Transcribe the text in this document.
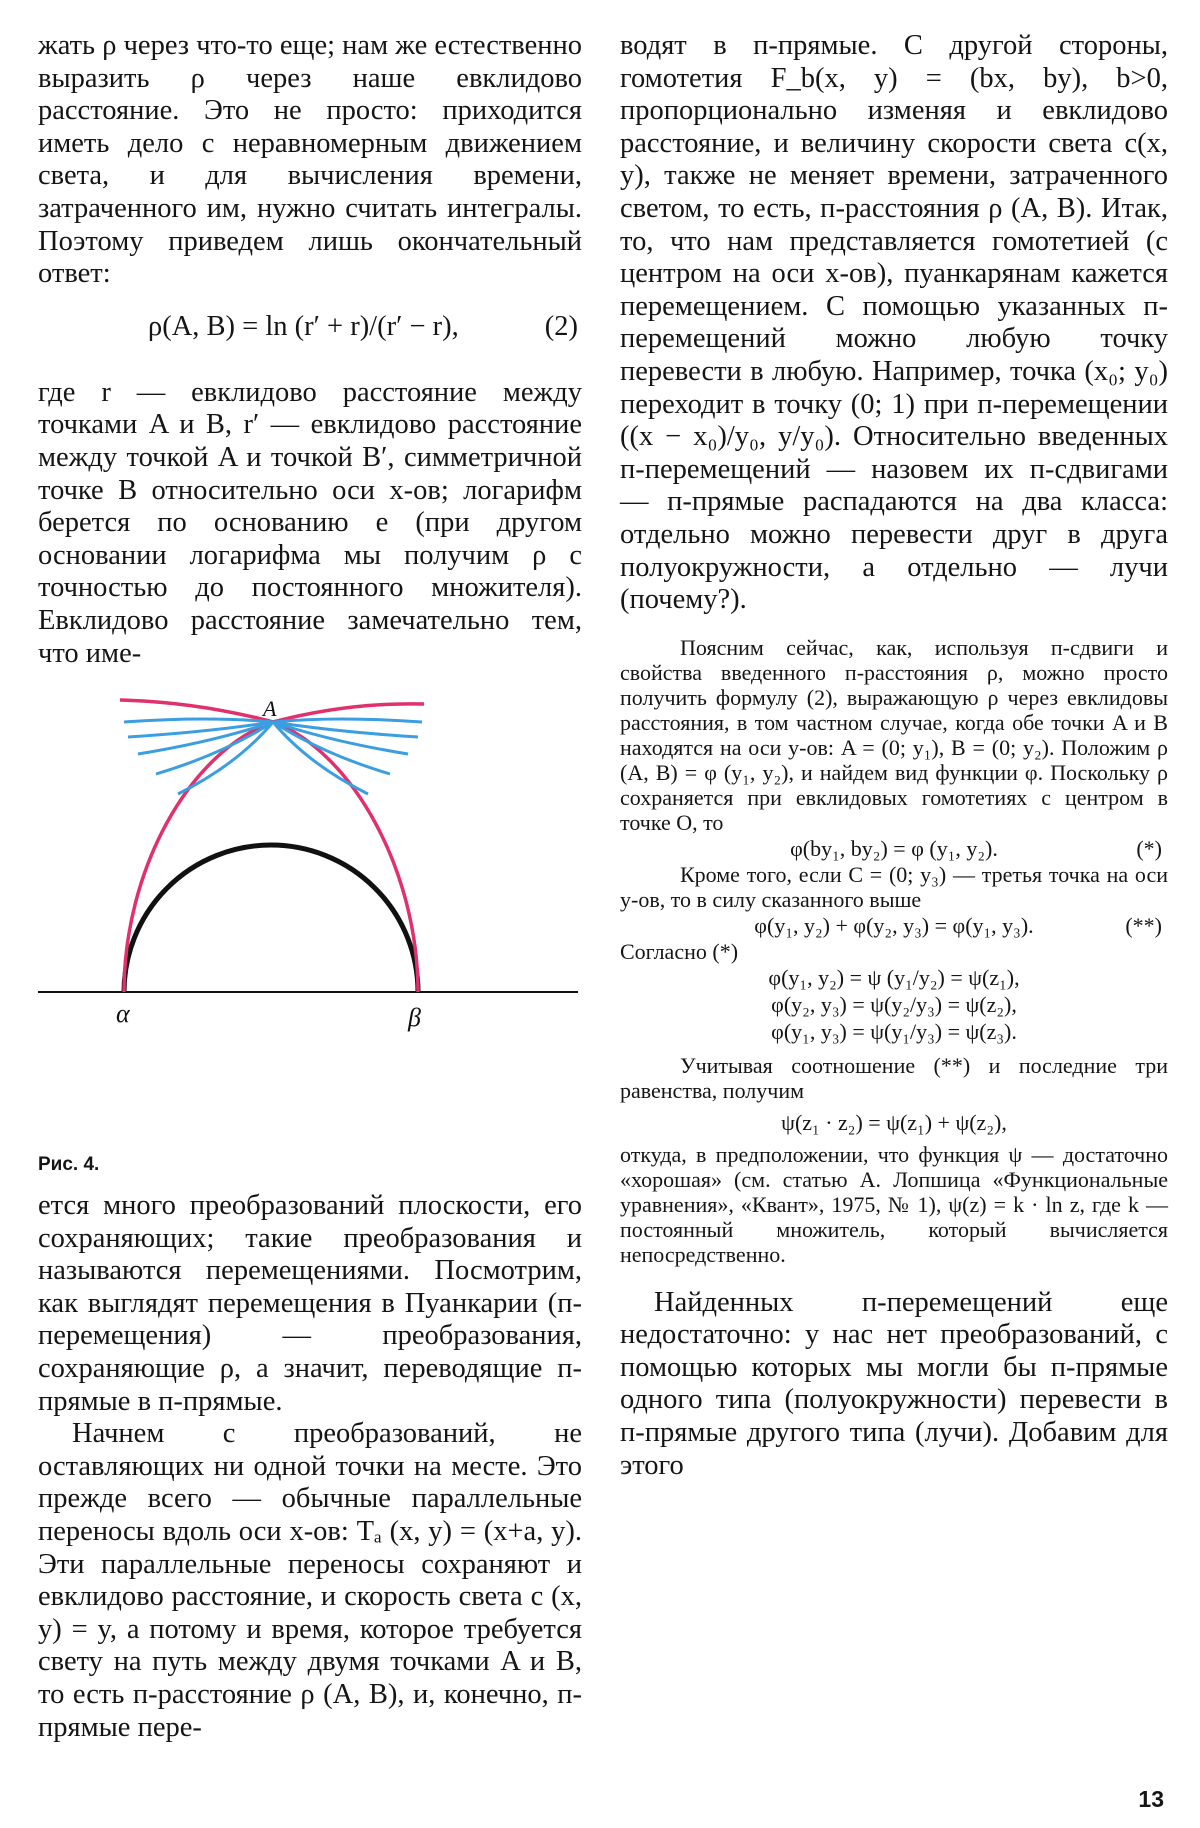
жать ρ через что-то еще; нам же естественно выразить ρ через наше евклидово расстояние. Это не просто: приходится иметь дело с неравномерным движением света, и для вычисления времени, затраченного им, нужно считать интегралы. Поэтому приведем лишь окончательный ответ:

ρ(A, B) = ln (r′ + r)/(r′ − r),	(2)

где r — евклидово расстояние между точками A и B, r′ — евклидово расстояние между точкой A и точкой B′, симметричной точке B относительно оси x-ов; логарифм берется по основанию e (при другом основании логарифма мы получим ρ с точностью до постоянного множителя). Евклидово расстояние замечательно тем, что име-

A
α	β
Рис. 4.

ется много преобразований плоскости, его сохраняющих; такие преобразования и называются перемещениями. Посмотрим, как выглядят перемещения в Пуанкарии (п-перемещения) — преобразования, сохраняющие ρ, а значит, переводящие п-прямые в п-прямые.

Начнем с преобразований, не оставляющих ни одной точки на месте. Это прежде всего — обычные параллельные переносы вдоль оси x-ов: Tₐ (x, y) = (x+a, y). Эти параллельные переносы сохраняют и евклидово расстояние, и скорость света c (x, y) = y, а потому и время, которое требуется свету на путь между двумя точками A и B, то есть п-расстояние ρ (A, B), и, конечно, п-прямые пере-

водят в п-прямые. С другой стороны, гомотетия F_b(x, y) = (bx, by), b>0, пропорционально изменяя и евклидово расстояние, и величину скорости света c(x, y), также не меняет времени, затраченного светом, то есть, п-расстояния ρ (A, B). Итак, то, что нам представляется гомотетией (с центром на оси x-ов), пуанкарянам кажется перемещением. С помощью указанных п-перемещений можно любую точку перевести в любую. Например, точка (x₀; y₀) переходит в точку (0; 1) при п-перемещении ((x − x₀)/y₀, y/y₀). Относительно введенных п-перемещений — назовем их п-сдвигами — п-прямые распадаются на два класса: отдельно можно перевести друг в друга полуокружности, а отдельно — лучи (почему?).

Поясним сейчас, как, используя п-сдвиги и свойства введенного п-расстояния ρ, можно просто получить формулу (2), выражающую ρ через евклидовы расстояния, в том частном случае, когда обе точки A и B находятся на оси y-ов: A = (0; y₁), B = (0; y₂). Положим ρ (A, B) = φ (y₁, y₂), и найдем вид функции φ. Поскольку ρ сохраняется при евклидовых гомотетиях с центром в точке O, то

φ(by₁, by₂) = φ (y₁, y₂).	(*)

Кроме того, если C = (0; y₃) — третья точка на оси y-ов, то в силу сказанного выше

φ(y₁, y₂) + φ(y₂, y₃) = φ(y₁, y₃).	(**)

Согласно (*)

φ(y₁, y₂) = ψ (y₁/y₂) = ψ(z₁),
φ(y₂, y₃) = ψ(y₂/y₃) = ψ(z₂),
φ(y₁, y₃) = ψ(y₁/y₃) = ψ(z₃).

Учитывая соотношение (**) и последние три равенства, получим

ψ(z₁ · z₂) = ψ(z₁) + ψ(z₂),

откуда, в предположении, что функция ψ — достаточно «хорошая» (см. статью А. Лопшица «Функциональные уравнения», «Квант», 1975, № 1), ψ(z) = k · ln z, где k — постоянный множитель, который вычисляется непосредственно.

Найденных п-перемещений еще недостаточно: у нас нет преобразований, с помощью которых мы могли бы п-прямые одного типа (полуокружности) перевести в п-прямые другого типа (лучи). Добавим для этого

13
